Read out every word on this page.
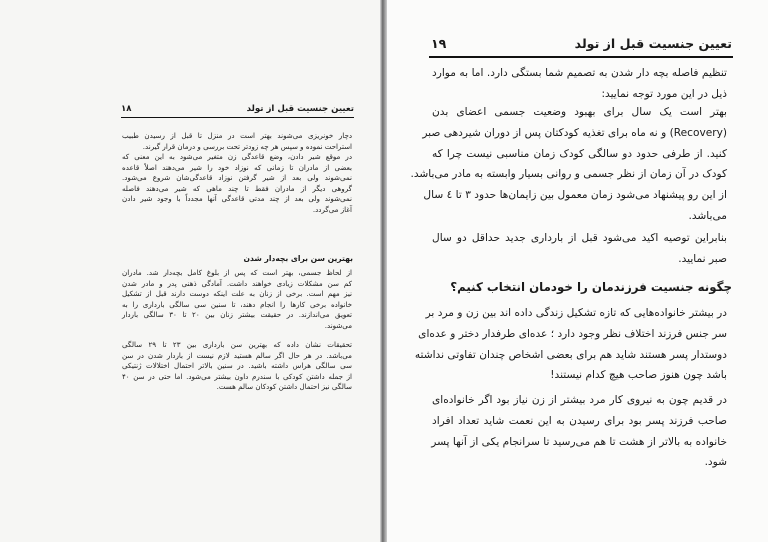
تعیین جنسیت قبل از تولد
۱۸
دچار خونریزی می‌شوند بهتر است در منزل تا قبل از رسیدن طبیب
استراحت نموده و سپس هر چه زودتر تحت بررسی و درمان قرار گیرند.
در موقع شیر دادن، وضع قاعدگی زن متغیر می‌شود به این معنی که
بعضی از مادران تا زمانی که نوزاد خود را شیر می‌دهند اصلاً قاعده
نمی‌شوند ولی بعد از شیر گرفتن نوزاد قاعدگی‌شان شروع می‌شود.
گروهی دیگر از مادران فقط تا چند ماهی که شیر می‌دهند فاصله
نمی‌شوند ولی بعد از چند مدتی قاعدگی آنها مجدداً با وجود شیر دادن
آغاز می‌گردد.
بهترین سن برای بچه‌دار شدن
از لحاظ جسمی، بهتر است که پس از بلوغ کامل بچه‌دار شد. مادران
کم سن مشکلات زیادی خواهند داشت. آمادگی ذهنی پدر و مادر شدن
نیز مهم است. برخی از زنان به علت اینکه دوست دارند قبل از تشکیل
خانواده برخی کارها را انجام دهند، تا سنین سی سالگی بارداری را به
تعویق می‌اندازند. در حقیقت بیشتر زنان بین ۲۰ تا ۳۰ سالگی باردار
می‌شوند.
تحقیقات نشان داده که بهترین سن بارداری بین ۲۳ تا ۲۹ سالگی
می‌باشد. در هر حال اگر سالم هستید لازم نیست از باردار شدن در سن
سی سالگی هراس داشته باشید. در سنین بالاتر احتمال اختلالات ژنتیکی
از جمله داشتن کودکی با سندرم داون بیشتر می‌شود. اما حتی در سن ۴۰
سالگی نیز احتمال داشتن کودکان سالم هست.
تعیین جنسیت قبل از تولد
۱۹
تنظیم فاصله بچه دار شدن به تصمیم شما بستگی دارد. اما به موارد
ذیل در این مورد توجه نمایید:
بهتر است یک سال برای بهبود وضعیت جسمی اعضای بدن
(Recovery) و نه ماه برای تغذیه کودکتان پس از دوران شیردهی صبر
کنید. از طرفی حدود دو سالگی کودک زمان مناسبی نیست چرا که
کودک در آن زمان از نظر جسمی و روانی بسیار وابسته به مادر می‌باشد.
از این رو پیشنهاد می‌شود زمان معمول بین زایمان‌ها حدود ۳ تا ٤ سال
می‌باشد.
بنابراین توصیه اکید می‌شود قبل از بارداری جدید حداقل دو سال
صبر نمایید.
چگونه جنسیت فرزندمان را خودمان انتخاب کنیم؟
در بیشتر خانواده‌هایی که تازه تشکیل زندگی داده اند بین زن و مرد بر
سر جنس فرزند اختلاف نظر وجود دارد ؛ عده‌ای طرفدار دختر و عده‌ای
دوستدار پسر هستند شاید هم برای بعضی اشخاص چندان تفاوتی نداشته
باشد چون هنوز صاحب هیچ کدام نیستند!
در قدیم چون به نیروی کار مرد بیشتر از زن نیاز بود اگر خانواده‌ای
صاحب فرزند پسر بود برای رسیدن به این نعمت شاید تعداد افراد
خانواده به بالاتر از هشت تا هم می‌رسید تا سرانجام یکی از آنها پسر
شود.
